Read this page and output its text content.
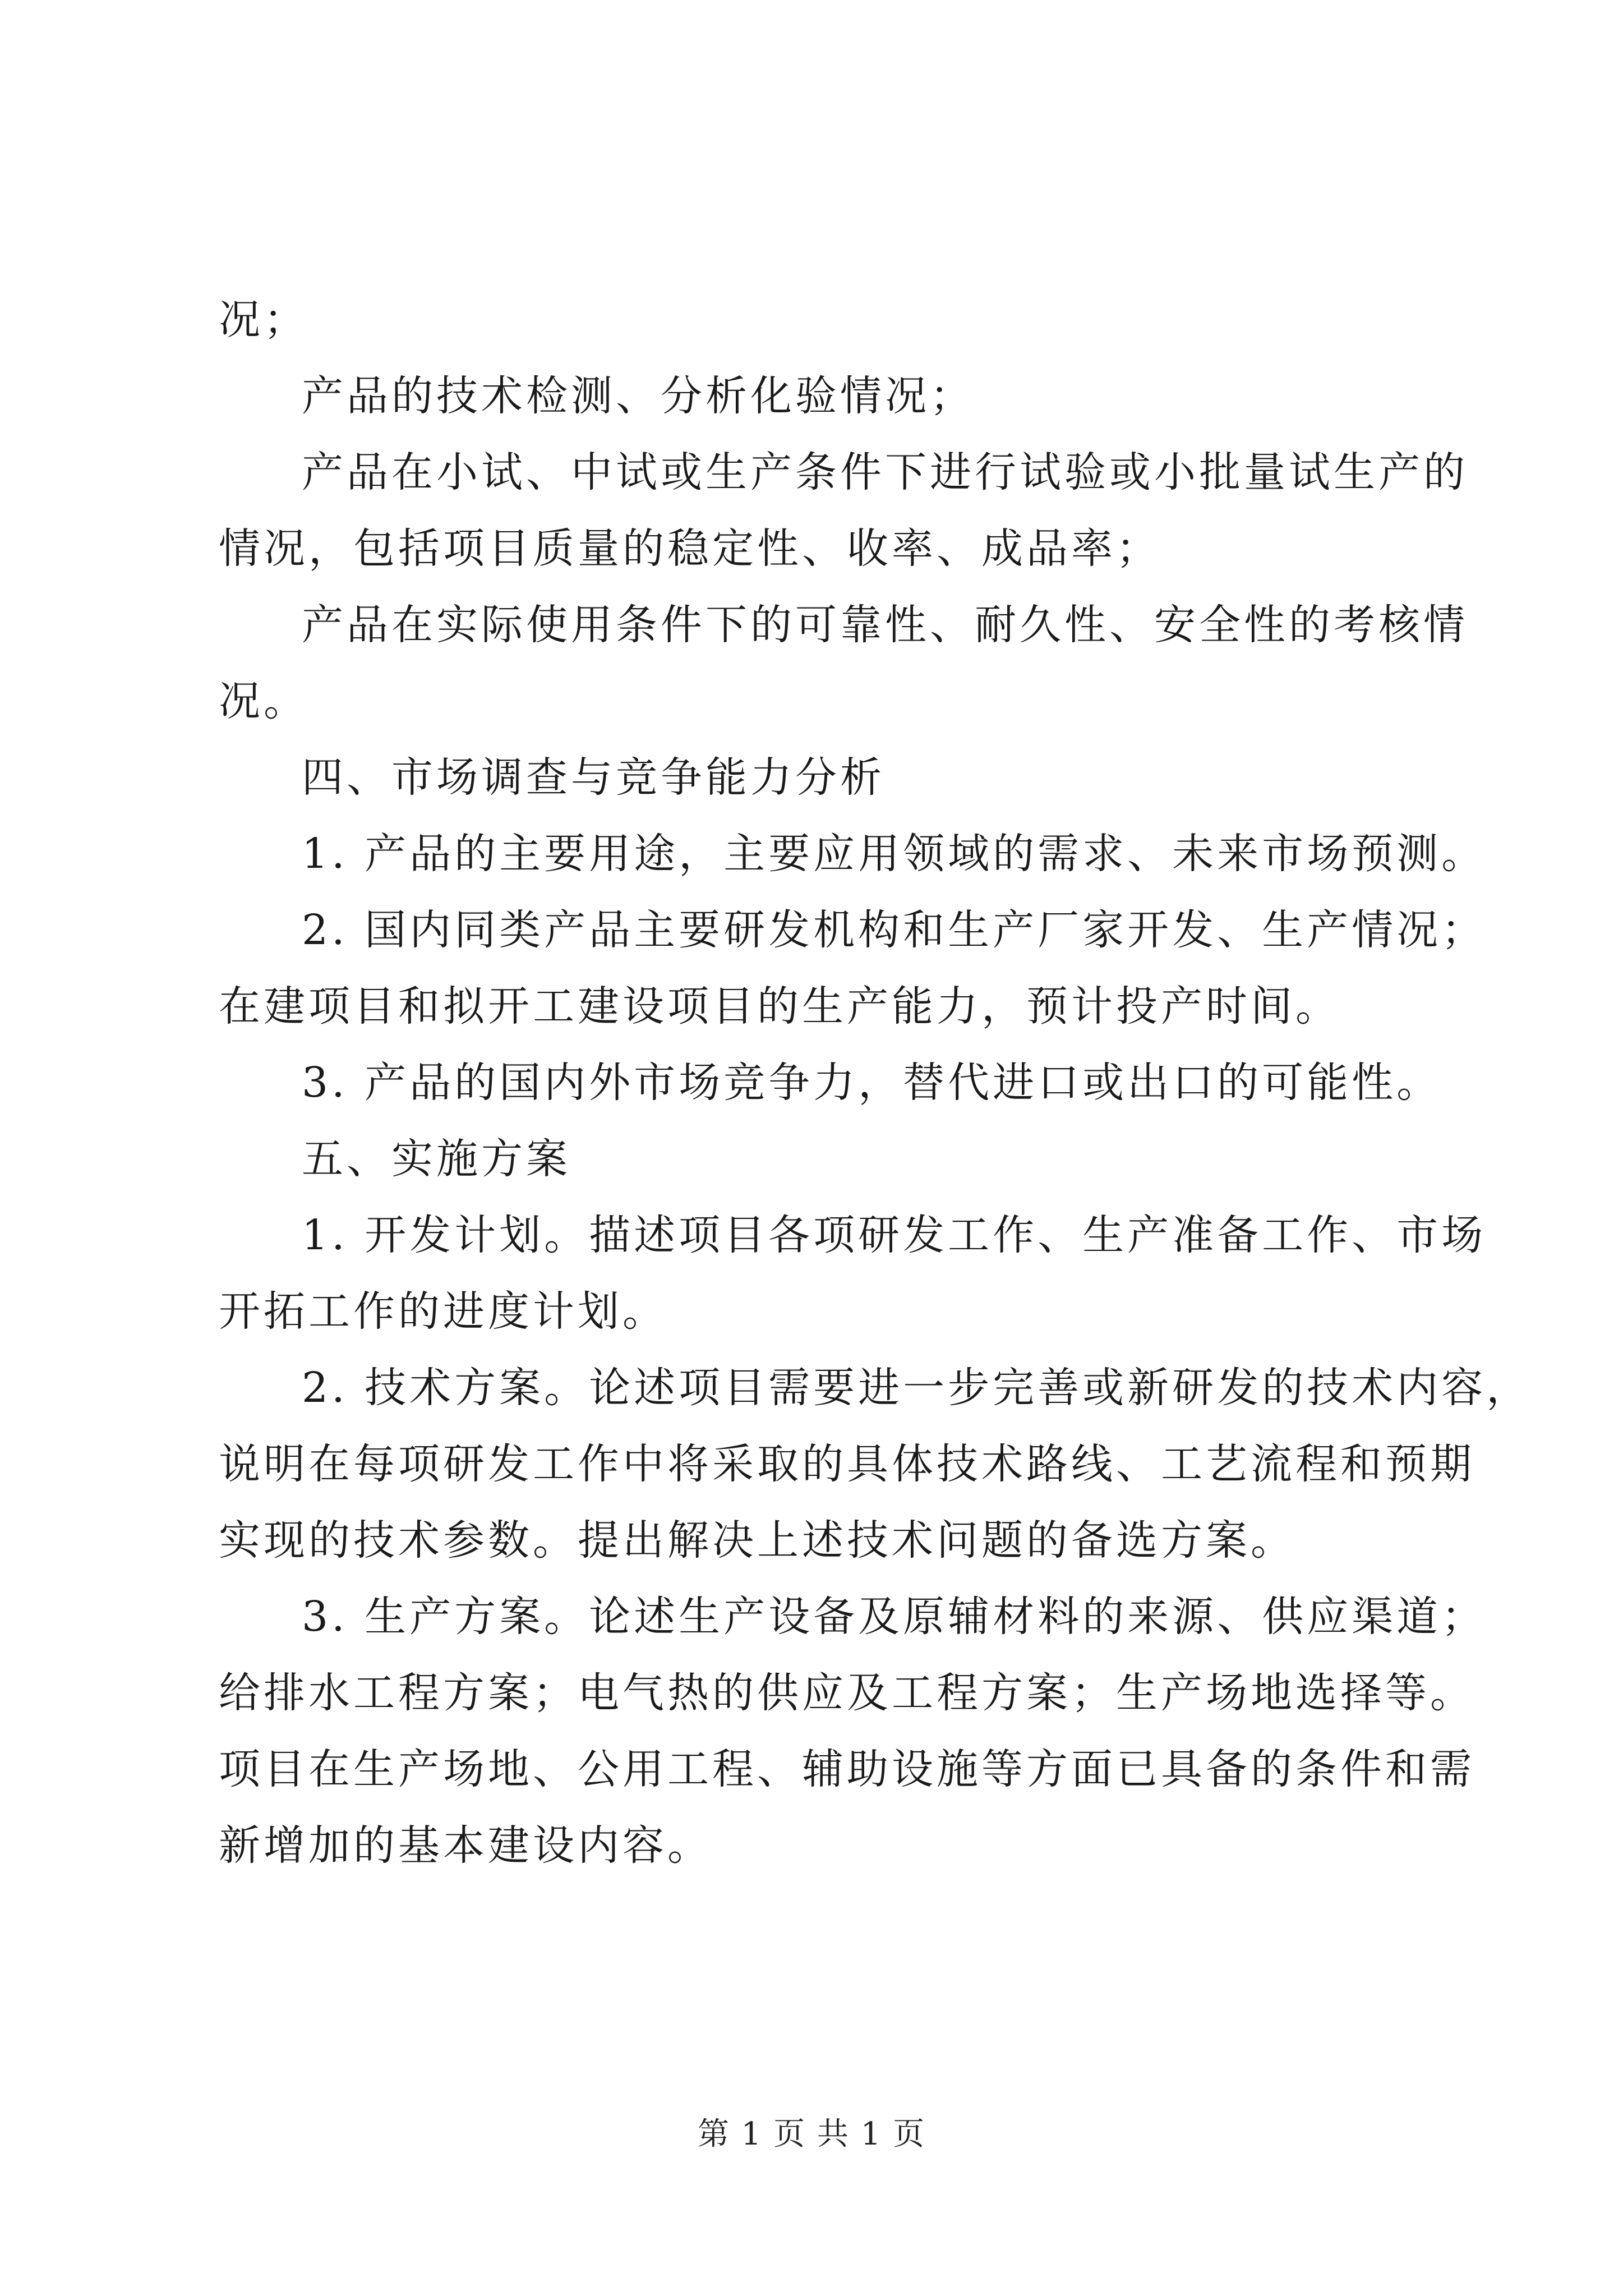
况；
产品的技术检测、分析化验情况；
产品在小试、中试或生产条件下进行试验或小批量试生产的
情况，包括项目质量的稳定性、收率、成品率；
产品在实际使用条件下的可靠性、耐久性、安全性的考核情
况。
四、市场调查与竞争能力分析
1. 产品的主要用途，主要应用领域的需求、未来市场预测。
2. 国内同类产品主要研发机构和生产厂家开发、生产情况；
在建项目和拟开工建设项目的生产能力，预计投产时间。
3. 产品的国内外市场竞争力，替代进口或出口的可能性。
五、实施方案
1. 开发计划。描述项目各项研发工作、生产准备工作、市场
开拓工作的进度计划。
2. 技术方案。论述项目需要进一步完善或新研发的技术内容，
说明在每项研发工作中将采取的具体技术路线、工艺流程和预期
实现的技术参数。提出解决上述技术问题的备选方案。
3. 生产方案。论述生产设备及原辅材料的来源、供应渠道；
给排水工程方案；电气热的供应及工程方案；生产场地选择等。
项目在生产场地、公用工程、辅助设施等方面已具备的条件和需
新增加的基本建设内容。
第 1 页 共 1 页
